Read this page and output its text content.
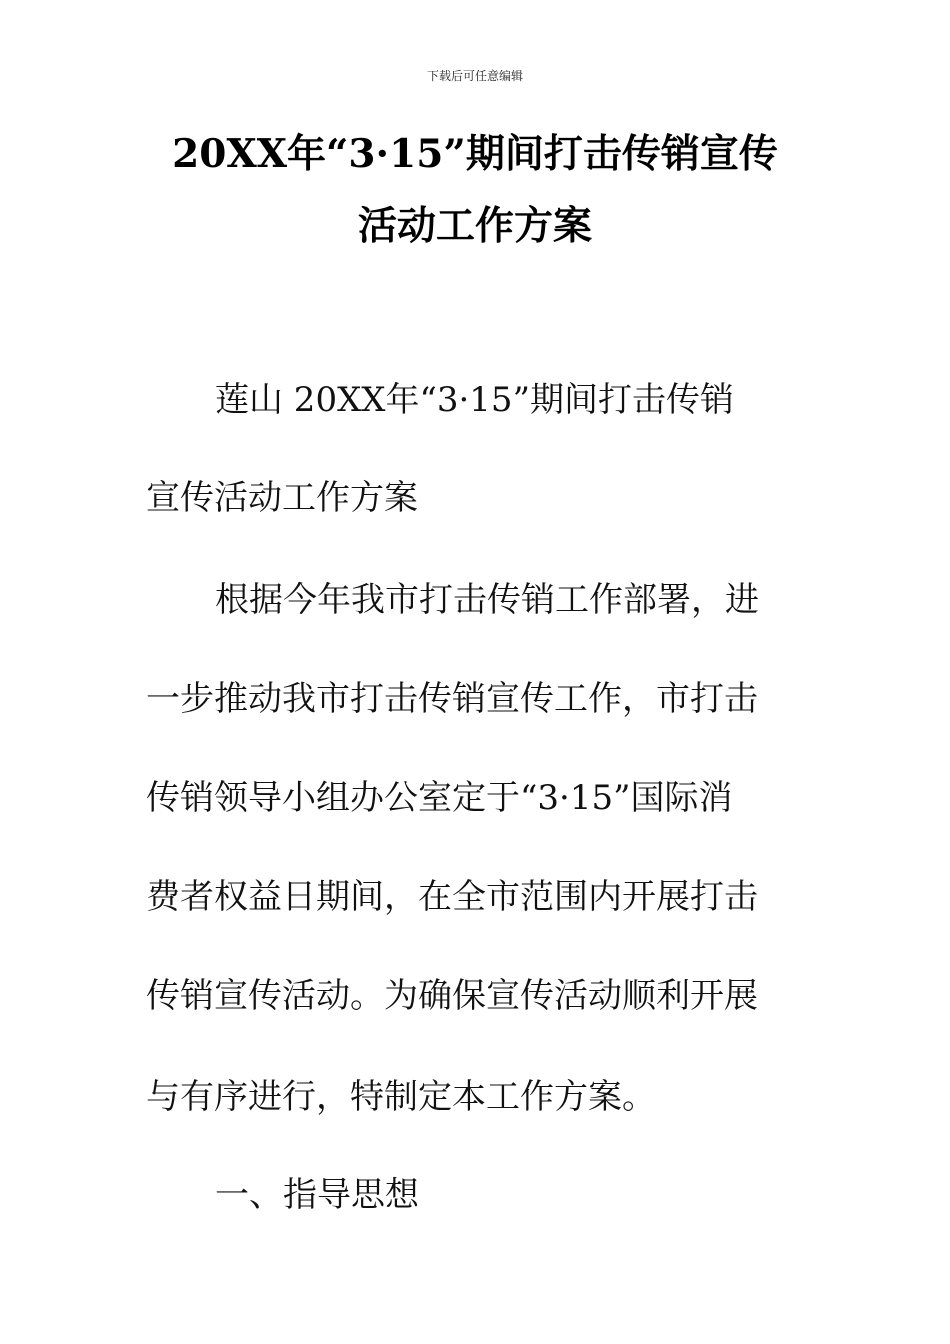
下载后可任意编辑
20XX年“3·15”期间打击传销宣传
活动工作方案
莲山 20XX年“3·15”期间打击传销
宣传活动工作方案
根据今年我市打击传销工作部署，进
一步推动我市打击传销宣传工作，市打击
传销领导小组办公室定于“3·15”国际消
费者权益日期间，在全市范围内开展打击
传销宣传活动。为确保宣传活动顺利开展
与有序进行，特制定本工作方案。
一、指导思想
